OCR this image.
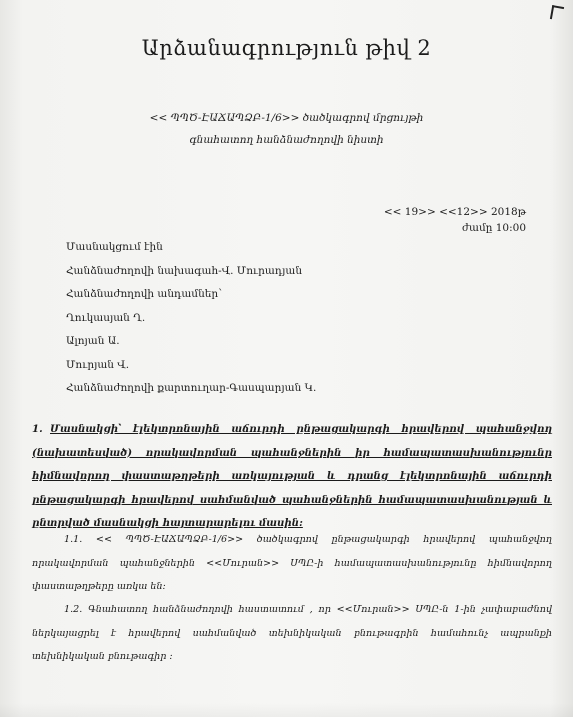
Արձանագրություն թիվ 2
<< ՊՊԾ-ԷԱՃԱՊՁԲ-1/6>> ծածկագրով մրցույթի
գնահատող հանձնաժողովի նիստի
<< 19>> <<12>> 2018թ
ժամը 10:00
Մասնակցում էին
Հանձնաժողովի նախագահ-Վ. Մուրադյան
Հանձնաժողովի անդամներ՝
Ղուկասյան Ղ.
Ալոյան Ա.
Մուրյան Վ.
Հանձնաժողովի քարտուղար-Գասպարյան Կ.
1. Մասնակցի՝ էլեկտրոնային աճուրդի ընթացակարգի հրավերով պահանջվող (նախատեսված) որակավորման պահանջներին իր համապատասխանությունը հիմնավորող փաստաթղթերի առկայության և դրանց էլեկտրոնային աճուրդի ընթացակարգի հրավերով սահմանված պահանջներին համապատասխանության և ընտրված մասնակցի հայտարարելու մասին:
1.1. << ՊՊԾ-ԷԱՃԱՊՁԲ-1/6>> ծածկագրով ընթացակարգի հրավերով պահանջվող որակավորման պահանջներին <<Մուրան>> ՍՊԸ-ի համապատասխանությունը հիմնավորող փաստաթղթերը առկա են:
1.2. Գնահատող հանձնաժողովի հաստատում , որ <<Մուրան>> ՍՊԸ-ն 1-ին չափաբաժնով ներկայացրել է հրավերով սահմանված տեխնիկական բնութագրին համահունչ ապրանքի տեխնիկական բնութագիր :
